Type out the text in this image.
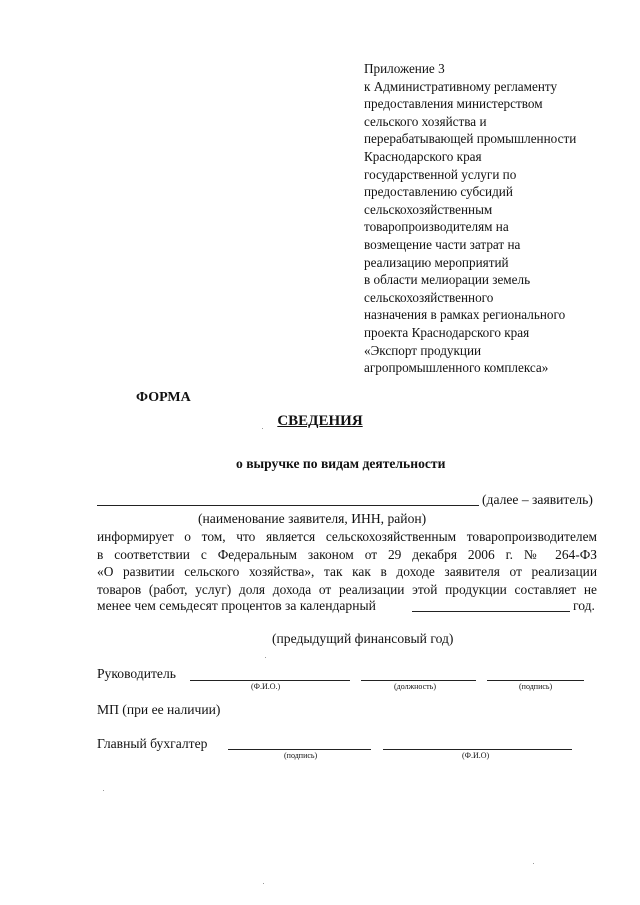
Приложение 3
к Административному регламенту
предоставления министерством
сельского хозяйства и
перерабатывающей промышленности
Краснодарского края
государственной услуги по
предоставлению субсидий
сельскохозяйственным
товаропроизводителям на
возмещение части затрат на
реализацию мероприятий
в области мелиорации земель
сельскохозяйственного
назначения в рамках регионального
проекта Краснодарского края
«Экспорт продукции
агропромышленного комплекса»
ФОРМА
СВЕДЕНИЯ
о выручке по видам деятельности
(далее – заявитель)
(наименование заявителя, ИНН, район)
информирует о том, что является сельскохозяйственным товаропроизводителем
в соответствии с Федеральным законом от 29 декабря 2006 г. № 264-ФЗ
«О развитии сельского хозяйства», так как в доходе заявителя от реализации
товаров (работ, услуг) доля дохода от реализации этой продукции составляет не
менее чем семьдесят процентов за календарный	год.
(предыдущий финансовый год)
Руководитель
(Ф.И.О.)	(должность)	(подпись)
МП (при ее наличии)
Главный бухгалтер
(подпись)	(Ф.И.О)
